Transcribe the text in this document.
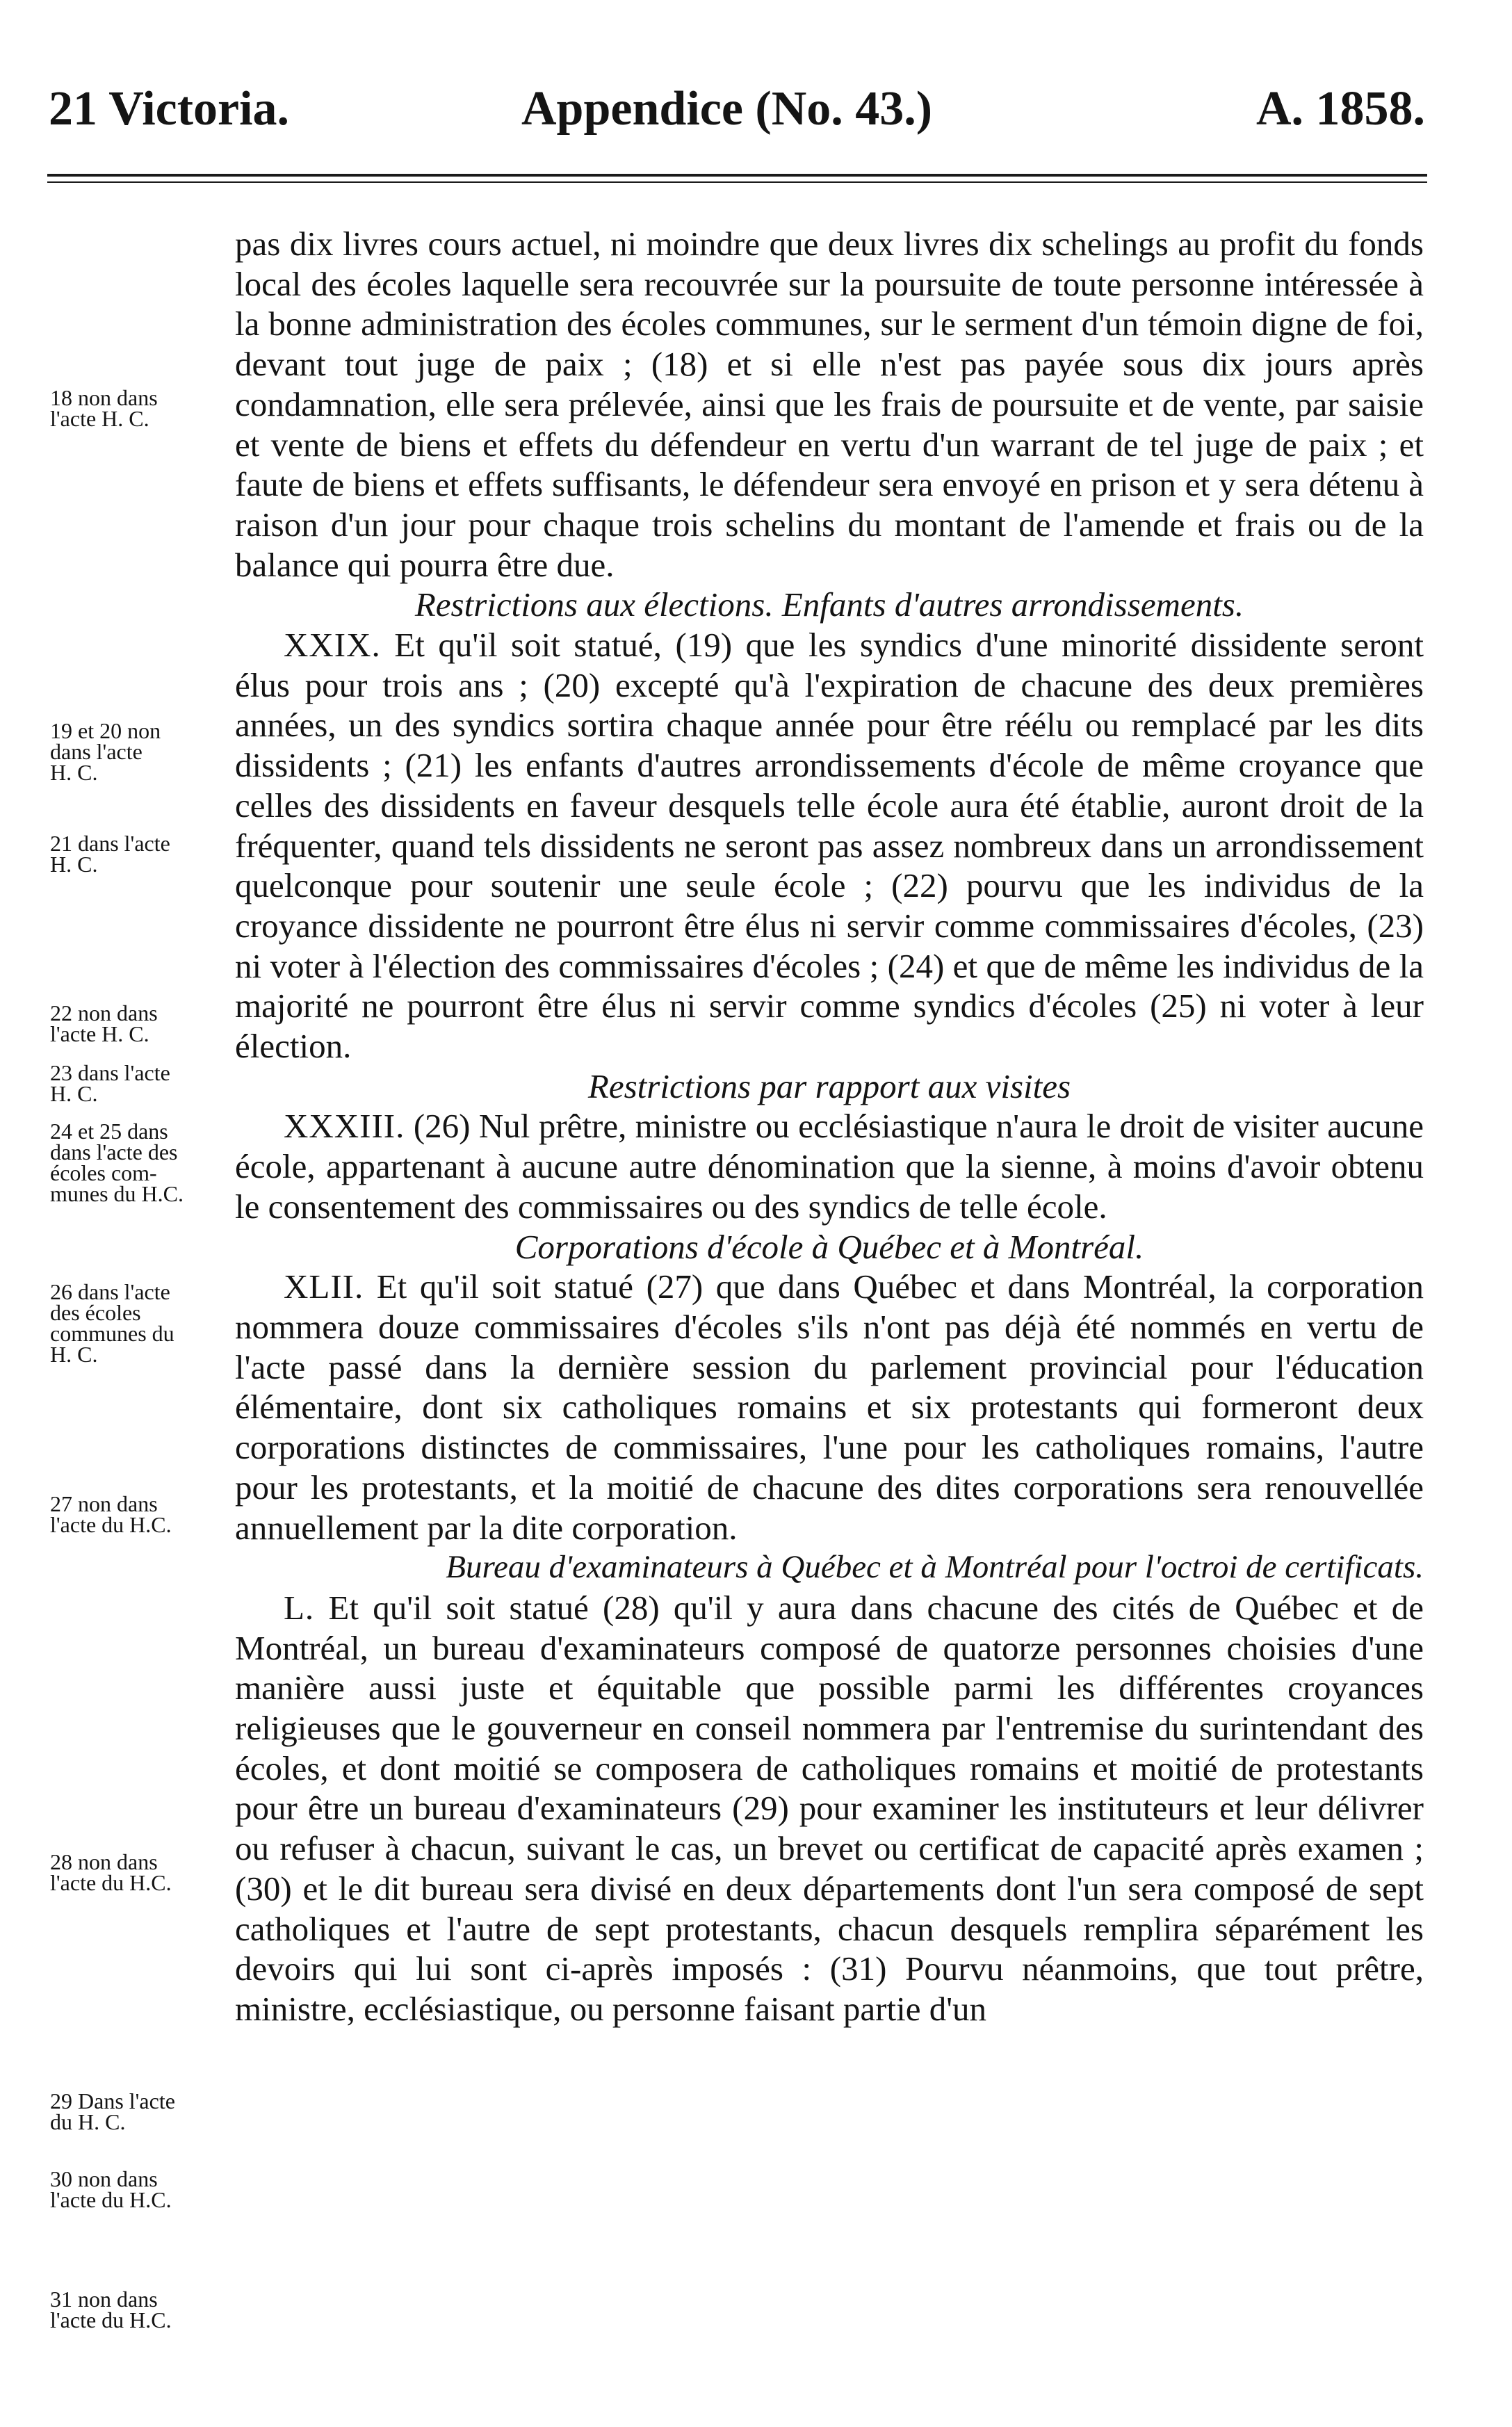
21 Victoria.	Appendice (No. 43.)	A. 1858.

pas dix livres cours actuel, ni moindre que deux livres dix schelings au profit du fonds local des écoles laquelle sera recouvrée sur la poursuite de toute personne intéressée à la bonne administration des écoles communes, sur le serment d'un témoin digne de foi, devant tout juge de paix ; (18) et si elle n'est pas payée sous dix jours après condamnation, elle sera prélevée, ainsi que les frais de poursuite et de vente, par saisie et vente de biens et effets du défendeur en vertu d'un warrant de tel juge de paix ; et faute de biens et effets suffisants, le défendeur sera envoyé en prison et y sera détenu à raison d'un jour pour chaque trois schelins du montant de l'amende et frais ou de la balance qui pourra être due.

Restrictions aux élections. Enfants d'autres arrondissements.

XXIX. Et qu'il soit statué, (19) que les syndics d'une minorité dissidente seront élus pour trois ans ; (20) excepté qu'à l'expiration de chacune des deux premières années, un des syndics sortira chaque année pour être réélu ou remplacé par les dits dissidents ; (21) les enfants d'autres arrondissements d'école de même croyance que celles des dissidents en faveur desquels telle école aura été établie, auront droit de la fréquenter, quand tels dissidents ne seront pas assez nombreux dans un arrondissement quelconque pour soutenir une seule école ; (22) pourvu que les individus de la croyance dissidente ne pourront être élus ni servir comme commissaires d'écoles, (23) ni voter à l'élection des commissaires d'écoles ; (24) et que de même les individus de la majorité ne pourront être élus ni servir comme syndics d'écoles (25) ni voter à leur élection.

Restrictions par rapport aux visites

XXXIII. (26) Nul prêtre, ministre ou ecclésiastique n'aura le droit de visiter aucune école, appartenant à aucune autre dénomination que la sienne, à moins d'avoir obtenu le consentement des commissaires ou des syndics de telle école.

Corporations d'école à Québec et à Montréal.

XLII. Et qu'il soit statué (27) que dans Québec et dans Montréal, la corporation nommera douze commissaires d'écoles s'ils n'ont pas déjà été nommés en vertu de l'acte passé dans la dernière session du parlement provincial pour l'éducation élémentaire, dont six catholiques romains et six protestants qui formeront deux corporations distinctes de commissaires, l'une pour les catholiques romains, l'autre pour les protestants, et la moitié de chacune des dites corporations sera renouvellée annuellement par la dite corporation.

Bureau d'examinateurs à Québec et à Montréal pour l'octroi de certificats.

L. Et qu'il soit statué (28) qu'il y aura dans chacune des cités de Québec et de Montréal, un bureau d'examinateurs composé de quatorze personnes choisies d'une manière aussi juste et équitable que possible parmi les différentes croyances religieuses que le gouverneur en conseil nommera par l'entremise du surintendant des écoles, et dont moitié se composera de catholiques romains et moitié de protestants pour être un bureau d'examinateurs (29) pour examiner les instituteurs et leur délivrer ou refuser à chacun, suivant le cas, un brevet ou certificat de capacité après examen ; (30) et le dit bureau sera divisé en deux départements dont l'un sera composé de sept catholiques et l'autre de sept protestants, chacun desquels remplira séparément les devoirs qui lui sont ci-après imposés : (31) Pourvu néanmoins, que tout prêtre, ministre, ecclésiastique, ou personne faisant partie d'un

18 non dans

l'acte H. C.

19 et 20 non

dans l'acte

H. C.

21 dans l'acte

H. C.

22 non dans

l'acte H. C.

23 dans l'acte

H. C.

24 et 25 dans

dans l'acte des

écoles com-

munes du H.C.

26 dans l'acte

des écoles

communes du

H. C.

27 non dans

l'acte du H.C.

28 non dans

l'acte du H.C.

29 Dans l'acte

du H. C.

30 non dans

l'acte du H.C.

31 non dans

l'acte du H.C.
